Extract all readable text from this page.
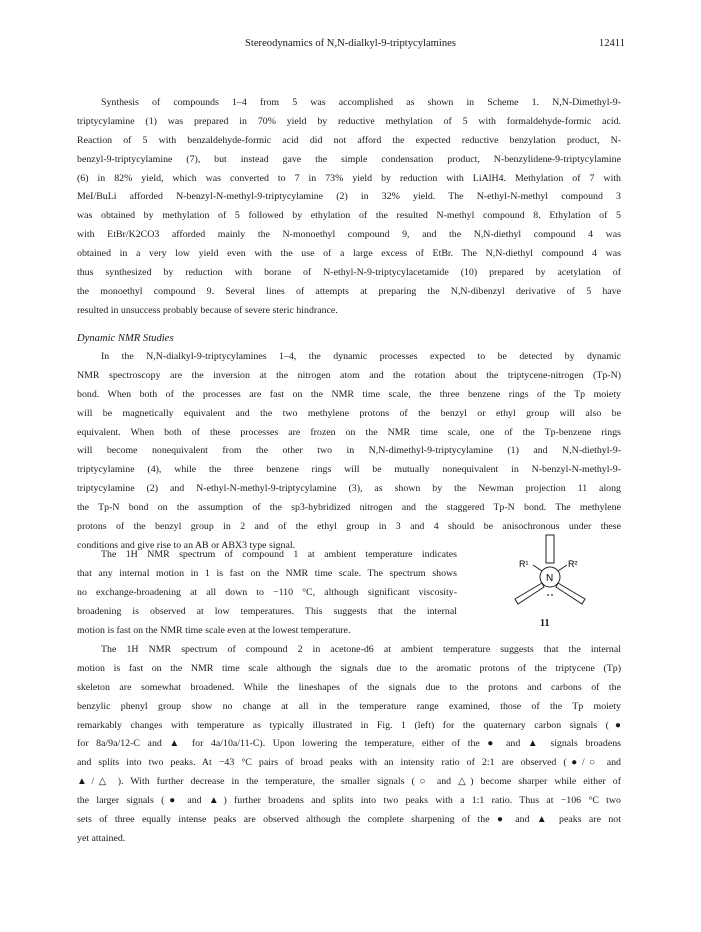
Stereodynamics of N,N-dialkyl-9-triptycylamines	12411
Synthesis of compounds 1–4 from 5 was accomplished as shown in Scheme 1. N,N-Dimethyl-9-
triptycylamine (1) was prepared in 70% yield by reductive methylation of 5 with formaldehyde-formic acid.
Reaction of 5 with benzaldehyde-formic acid did not afford the expected reductive benzylation product, N-
benzyl-9-triptycylamine (7), but instead gave the simple condensation product, N-benzylidene-9-triptycylamine
(6) in 82% yield, which was converted to 7 in 73% yield by reduction with LiAlH4. Methylation of 7 with
MeI/BuLi afforded N-benzyl-N-methyl-9-triptycylamine (2) in 32% yield. The N-ethyl-N-methyl compound 3
was obtained by methylation of 5 followed by ethylation of the resulted N-methyl compound 8. Ethylation of 5
with EtBr/K2CO3 afforded mainly the N-monoethyl compound 9, and the N,N-diethyl compound 4 was
obtained in a very low yield even with the use of a large excess of EtBr. The N,N-diethyl compound 4 was
thus synthesized by reduction with borane of N-ethyl-N-9-triptycylacetamide (10) prepared by acetylation of
the monoethyl compound 9. Several lines of attempts at preparing the N,N-dibenzyl derivative of 5 have
resulted in unsuccess probably because of severe steric hindrance.
Dynamic NMR Studies
In the N,N-dialkyl-9-triptycylamines 1–4, the dynamic processes expected to be detected by dynamic
NMR spectroscopy are the inversion at the nitrogen atom and the rotation about the triptycene-nitrogen (Tp-N)
bond. When both of the processes are fast on the NMR time scale, the three benzene rings of the Tp moiety
will be magnetically equivalent and the two methylene protons of the benzyl or ethyl group will also be
equivalent. When both of these processes are frozen on the NMR time scale, one of the Tp-benzene rings
will become nonequivalent from the other two in N,N-dimethyl-9-triptycylamine (1) and N,N-diethyl-9-
triptycylamine (4), while the three benzene rings will be mutually nonequivalent in N-benzyl-N-methyl-9-
triptycylamine (2) and N-ethyl-N-methyl-9-triptycylamine (3), as shown by the Newman projection 11 along
the Tp-N bond on the assumption of the sp3-hybridized nitrogen and the staggered Tp-N bond. The methylene
protons of the benzyl group in 2 and of the ethyl group in 3 and 4 should be anisochronous under these
conditions and give rise to an AB or ABX3 type signal.
The 1H NMR spectrum of compound 1 at ambient temperature indicates
that any internal motion in 1 is fast on the NMR time scale. The spectrum shows
no exchange-broadening at all down to −110 °C, although significant viscosity-
broadening is observed at low temperatures. This suggests that the internal
motion is fast on the NMR time scale even at the lowest temperature.
R¹	R²
N
11
The 1H NMR spectrum of compound 2 in acetone-d6 at ambient temperature suggests that the internal
motion is fast on the NMR time scale although the signals due to the aromatic protons of the triptycene (Tp)
skeleton are somewhat broadened. While the lineshapes of the signals due to the protons and carbons of the
benzylic phenyl group show no change at all in the temperature range examined, those of the Tp moiety
remarkably changes with temperature as typically illustrated in Fig. 1 (left) for the quaternary carbon signals (●
for 8a/9a/12-C and ▲ for 4a/10a/11-C). Upon lowering the temperature, either of the ● and ▲ signals broadens
and splits into two peaks. At −43 °C pairs of broad peaks with an intensity ratio of 2:1 are observed (●/○ and
▲/△ ). With further decrease in the temperature, the smaller signals (○ and △) become sharper while either of
the larger signals (● and ▲) further broadens and splits into two peaks with a 1:1 ratio. Thus at −106 °C two
sets of three equally intense peaks are observed although the complete sharpening of the ● and ▲ peaks are not
yet attained.
